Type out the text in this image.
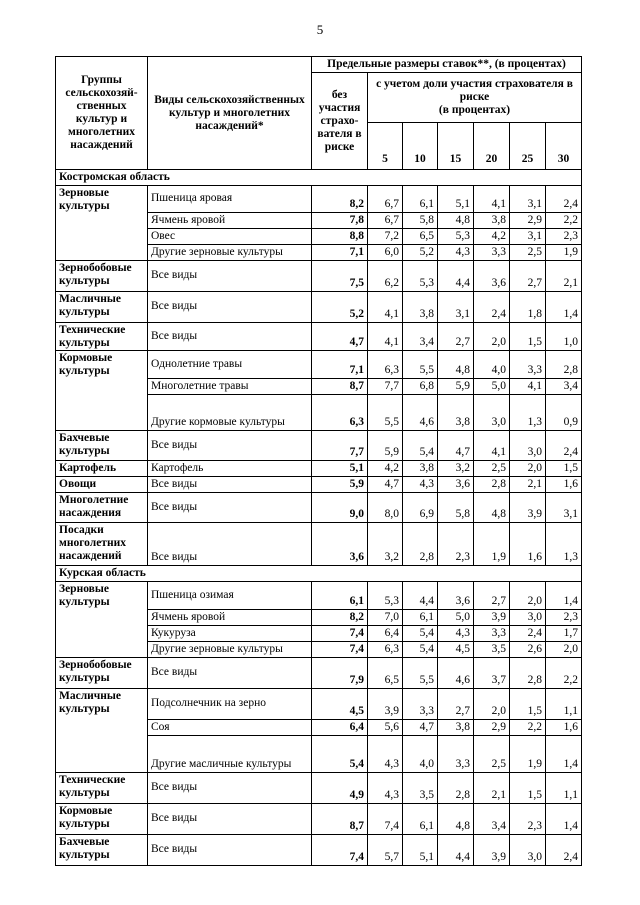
5
Группы сельскохозяй-ственных культур и многолетних насаждений	Виды сельскохозяйственных культур и многолетних насаждений*	Предельные размеры ставок**, (в процентах)						
		без участия страхо-вателя в риске	с учетом доли участия страхователя в риске
(в процентах)					
			5	10	15	20	25	30
Костромская область								
Зерновые культуры	Пшеница яровая	8,2	6,7	6,1	5,1	4,1	3,1	2,4
	Ячмень яровой	7,8	6,7	5,8	4,8	3,8	2,9	2,2
	Овес	8,8	7,2	6,5	5,3	4,2	3,1	2,3
	Другие зерновые культуры	7,1	6,0	5,2	4,3	3,3	2,5	1,9
Зернобобовые культуры	Все виды	7,5	6,2	5,3	4,4	3,6	2,7	2,1
Масличные культуры	Все виды	5,2	4,1	3,8	3,1	2,4	1,8	1,4
Технические культуры	Все виды	4,7	4,1	3,4	2,7	2,0	1,5	1,0
Кормовые культуры	Однолетние травы	7,1	6,3	5,5	4,8	4,0	3,3	2,8
	Многолетние травы	8,7	7,7	6,8	5,9	5,0	4,1	3,4
	Другие кормовые культуры	6,3	5,5	4,6	3,8	3,0	1,3	0,9
Бахчевые культуры	Все виды	7,7	5,9	5,4	4,7	4,1	3,0	2,4
Картофель	Картофель	5,1	4,2	3,8	3,2	2,5	2,0	1,5
Овощи	Все виды	5,9	4,7	4,3	3,6	2,8	2,1	1,6
Многолетние насаждения	Все виды	9,0	8,0	6,9	5,8	4,8	3,9	3,1
Посадки многолетних насаждений	Все виды	3,6	3,2	2,8	2,3	1,9	1,6	1,3
Курская область								
Зерновые культуры	Пшеница озимая	6,1	5,3	4,4	3,6	2,7	2,0	1,4
	Ячмень яровой	8,2	7,0	6,1	5,0	3,9	3,0	2,3
	Кукуруза	7,4	6,4	5,4	4,3	3,3	2,4	1,7
	Другие зерновые культуры	7,4	6,3	5,4	4,5	3,5	2,6	2,0
Зернобобовые культуры	Все виды	7,9	6,5	5,5	4,6	3,7	2,8	2,2
Масличные культуры	Подсолнечник на зерно	4,5	3,9	3,3	2,7	2,0	1,5	1,1
	Соя	6,4	5,6	4,7	3,8	2,9	2,2	1,6
	Другие масличные культуры	5,4	4,3	4,0	3,3	2,5	1,9	1,4
Технические культуры	Все виды	4,9	4,3	3,5	2,8	2,1	1,5	1,1
Кормовые культуры	Все виды	8,7	7,4	6,1	4,8	3,4	2,3	1,4
Бахчевые культуры	Все виды	7,4	5,7	5,1	4,4	3,9	3,0	2,4
